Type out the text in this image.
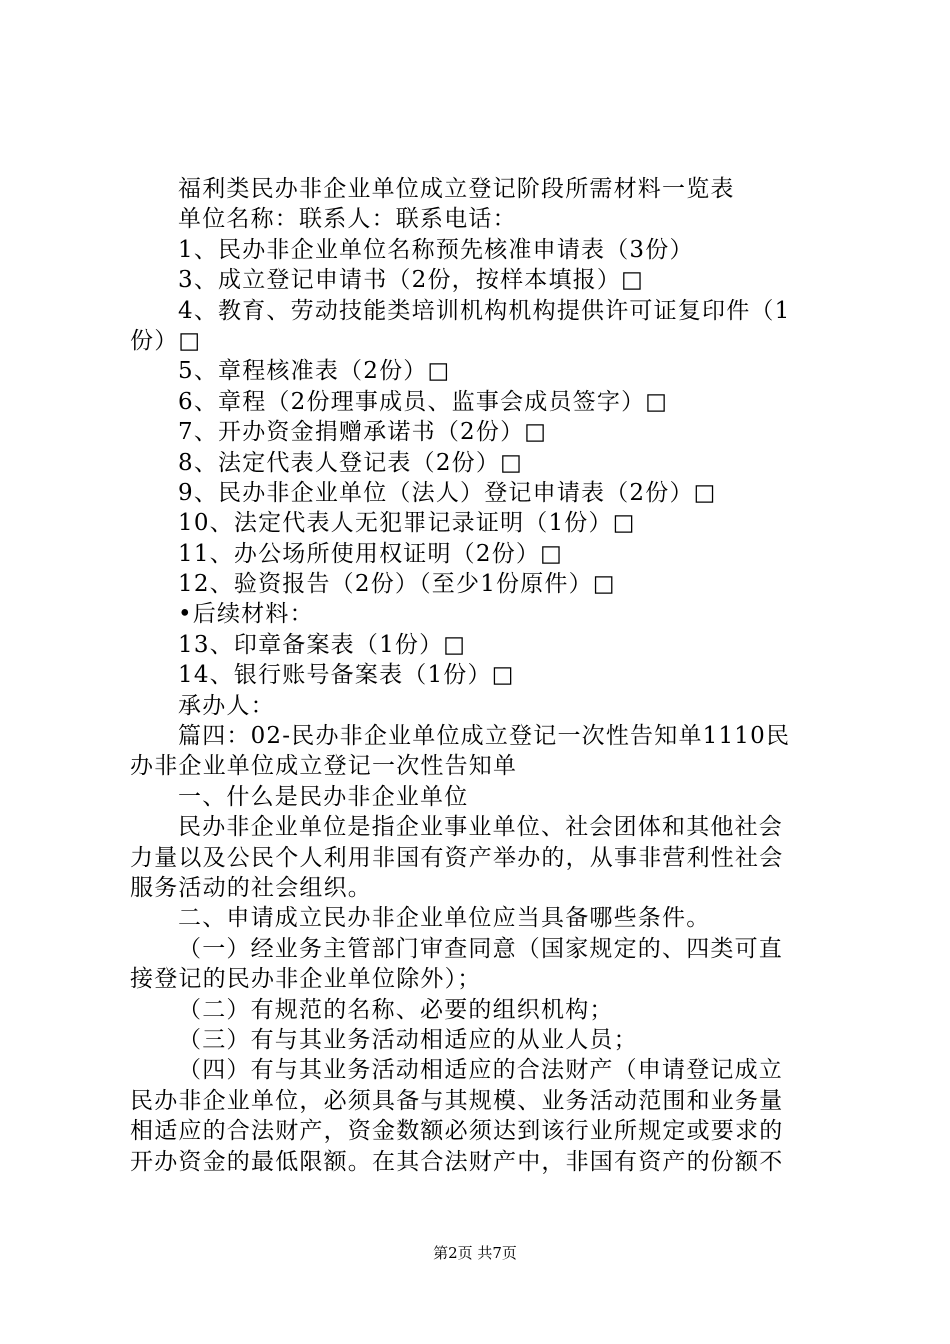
福利类民办非企业单位成立登记阶段所需材料一览表
单位名称：联系人：联系电话：
1、民办非企业单位名称预先核准申请表（3份）
3、成立登记申请书（2份，按样本填报）□
4、教育、劳动技能类培训机构机构提供许可证复印件（1
份）□
5、章程核准表（2份）□
6、章程（2份理事成员、监事会成员签字）□
7、开办资金捐赠承诺书（2份）□
8、法定代表人登记表（2份）□
9、民办非企业单位（法人）登记申请表（2份）□
10、法定代表人无犯罪记录证明（1份）□
11、办公场所使用权证明（2份）□
12、验资报告（2份）（至少1份原件）□
•后续材料：
13、印章备案表（1份）□
14、银行账号备案表（1份）□
承办人：
篇四：02-民办非企业单位成立登记一次性告知单1110民
办非企业单位成立登记一次性告知单
一、什么是民办非企业单位
民办非企业单位是指企业事业单位、社会团体和其他社会
力量以及公民个人利用非国有资产举办的，从事非营利性社会
服务活动的社会组织。
二、申请成立民办非企业单位应当具备哪些条件。
（一）经业务主管部门审查同意（国家规定的、四类可直
接登记的民办非企业单位除外）；
（二）有规范的名称、必要的组织机构；
（三）有与其业务活动相适应的从业人员；
（四）有与其业务活动相适应的合法财产（申请登记成立
民办非企业单位，必须具备与其规模、业务活动范围和业务量
相适应的合法财产，资金数额必须达到该行业所规定或要求的
开办资金的最低限额。在其合法财产中，非国有资产的份额不
第2页 共7页
